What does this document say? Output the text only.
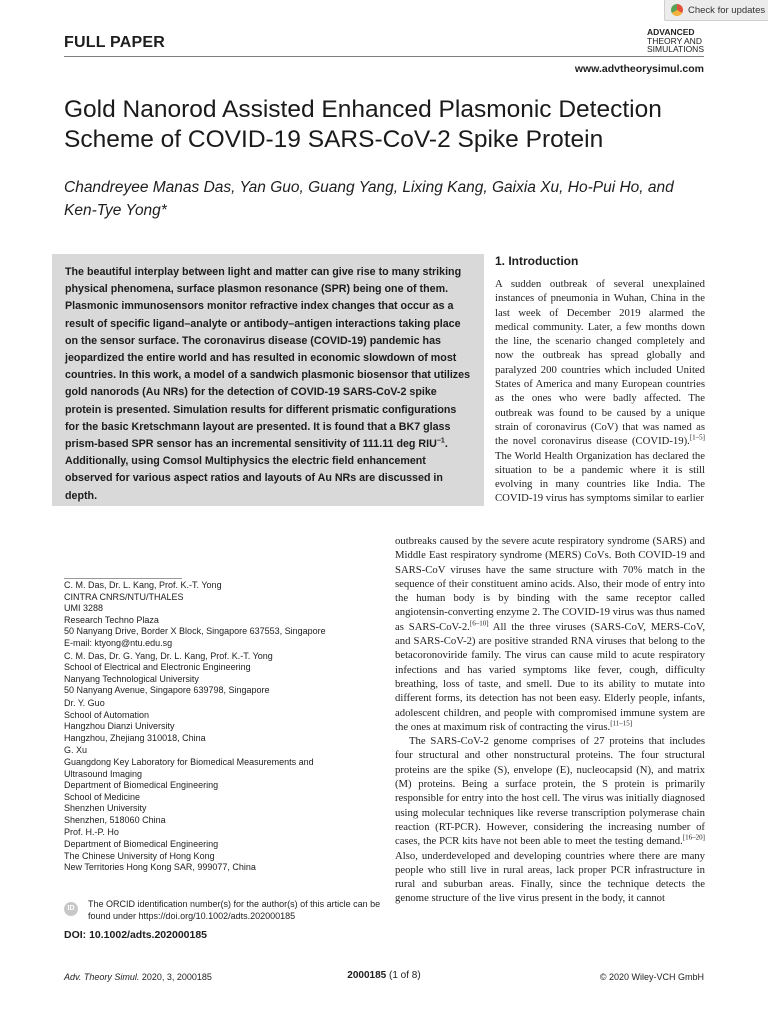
Check for updates
FULL PAPER
ADVANCED
THEORY AND
SIMULATIONS
www.advtheorysimul.com
Gold Nanorod Assisted Enhanced Plasmonic Detection Scheme of COVID-19 SARS-CoV-2 Spike Protein
Chandreyee Manas Das, Yan Guo, Guang Yang, Lixing Kang, Gaixia Xu, Ho-Pui Ho, and Ken-Tye Yong*
The beautiful interplay between light and matter can give rise to many striking physical phenomena, surface plasmon resonance (SPR) being one of them. Plasmonic immunosensors monitor refractive index changes that occur as a result of specific ligand–analyte or antibody–antigen interactions taking place on the sensor surface. The coronavirus disease (COVID-19) pandemic has jeopardized the entire world and has resulted in economic slowdown of most countries. In this work, a model of a sandwich plasmonic biosensor that utilizes gold nanorods (Au NRs) for the detection of COVID-19 SARS-CoV-2 spike protein is presented. Simulation results for different prismatic configurations for the basic Kretschmann layout are presented. It is found that a BK7 glass prism-based SPR sensor has an incremental sensitivity of 111.11 deg $RIU^{-1}$. Additionally, using Comsol Multiphysics the electric field enhancement observed for various aspect ratios and layouts of Au NRs are discussed in depth.
C. M. Das, Dr. L. Kang, Prof. K.-T. Yong
CINTRA CNRS/NTU/THALES
UMI 3288
Research Techno Plaza
50 Nanyang Drive, Border X Block, Singapore 637553, Singapore
E-mail: ktyong@ntu.edu.sg
C. M. Das, Dr. G. Yang, Dr. L. Kang, Prof. K.-T. Yong
School of Electrical and Electronic Engineering
Nanyang Technological University
50 Nanyang Avenue, Singapore 639798, Singapore
Dr. Y. Guo
School of Automation
Hangzhou Dianzi University
Hangzhou, Zhejiang 310018, China
G. Xu
Guangdong Key Laboratory for Biomedical Measurements and
Ultrasound Imaging
Department of Biomedical Engineering
School of Medicine
Shenzhen University
Shenzhen, 518060 China
Prof. H.-P. Ho
Department of Biomedical Engineering
The Chinese University of Hong Kong
New Territories Hong Kong SAR, 999077, China
ID	The ORCID identification number(s) for the author(s) of this article can be found under https://doi.org/10.1002/adts.202000185
DOI: 10.1002/adts.202000185
1. Introduction

A sudden outbreak of several unexplained instances of pneumonia in Wuhan, China in the last week of December 2019 alarmed the medical community. Later, a few months down the line, the scenario changed completely and now the outbreak has spread globally and paralyzed 200 countries which included United States of America and many European countries as the ones who were badly affected. The outbreak was found to be caused by a unique strain of coronavirus (CoV) that was named as the novel coronavirus disease (COVID-19).[1–5] The World Health Organization has declared the situation to be a pandemic where it is still evolving in many countries like India. The COVID-19 virus has symptoms similar to earlier

outbreaks caused by the severe acute respiratory syndrome (SARS) and Middle East respiratory syndrome (MERS) CoVs. Both COVID-19 and SARS-CoV viruses have the same structure with 70% match in the sequence of their constituent amino acids. Also, their mode of entry into the human body is by binding with the same receptor called angiotensin-converting enzyme 2. The COVID-19 virus was thus named as SARS-CoV-2.[6–10] All the three viruses (SARS-CoV, MERS-CoV, and SARS-CoV-2) are positive stranded RNA viruses that belong to the betacoronoviride family. The virus can cause mild to acute respiratory infections and has varied symptoms like fever, cough, difficulty breathing, loss of taste, and smell. Due to its ability to mutate into different forms, its detection has not been easy. Elderly people, infants, adolescent children, and people with compromised immune system are the ones at maximum risk of contracting the virus.[11–15]

The SARS-CoV-2 genome comprises of 27 proteins that includes four structural and other nonstructural proteins. The four structural proteins are the spike (S), envelope (E), nucleocapsid (N), and matrix (M) proteins. Being a surface protein, the S protein is primarily responsible for entry into the host cell. The virus was initially diagnosed using molecular techniques like reverse transcription polymerase chain reaction (RT-PCR). However, considering the increasing number of cases, the PCR kits have not been able to meet the testing demand.[16–20] Also, underdeveloped and developing countries where there are many people who still live in rural areas, lack proper PCR infrastructure in rural and suburban areas. Finally, since the technique detects the genome structure of the live virus present in the body, it cannot

Adv. Theory Simul. 2020, 3, 2000185	2000185 (1 of 8)	© 2020 Wiley-VCH GmbH
